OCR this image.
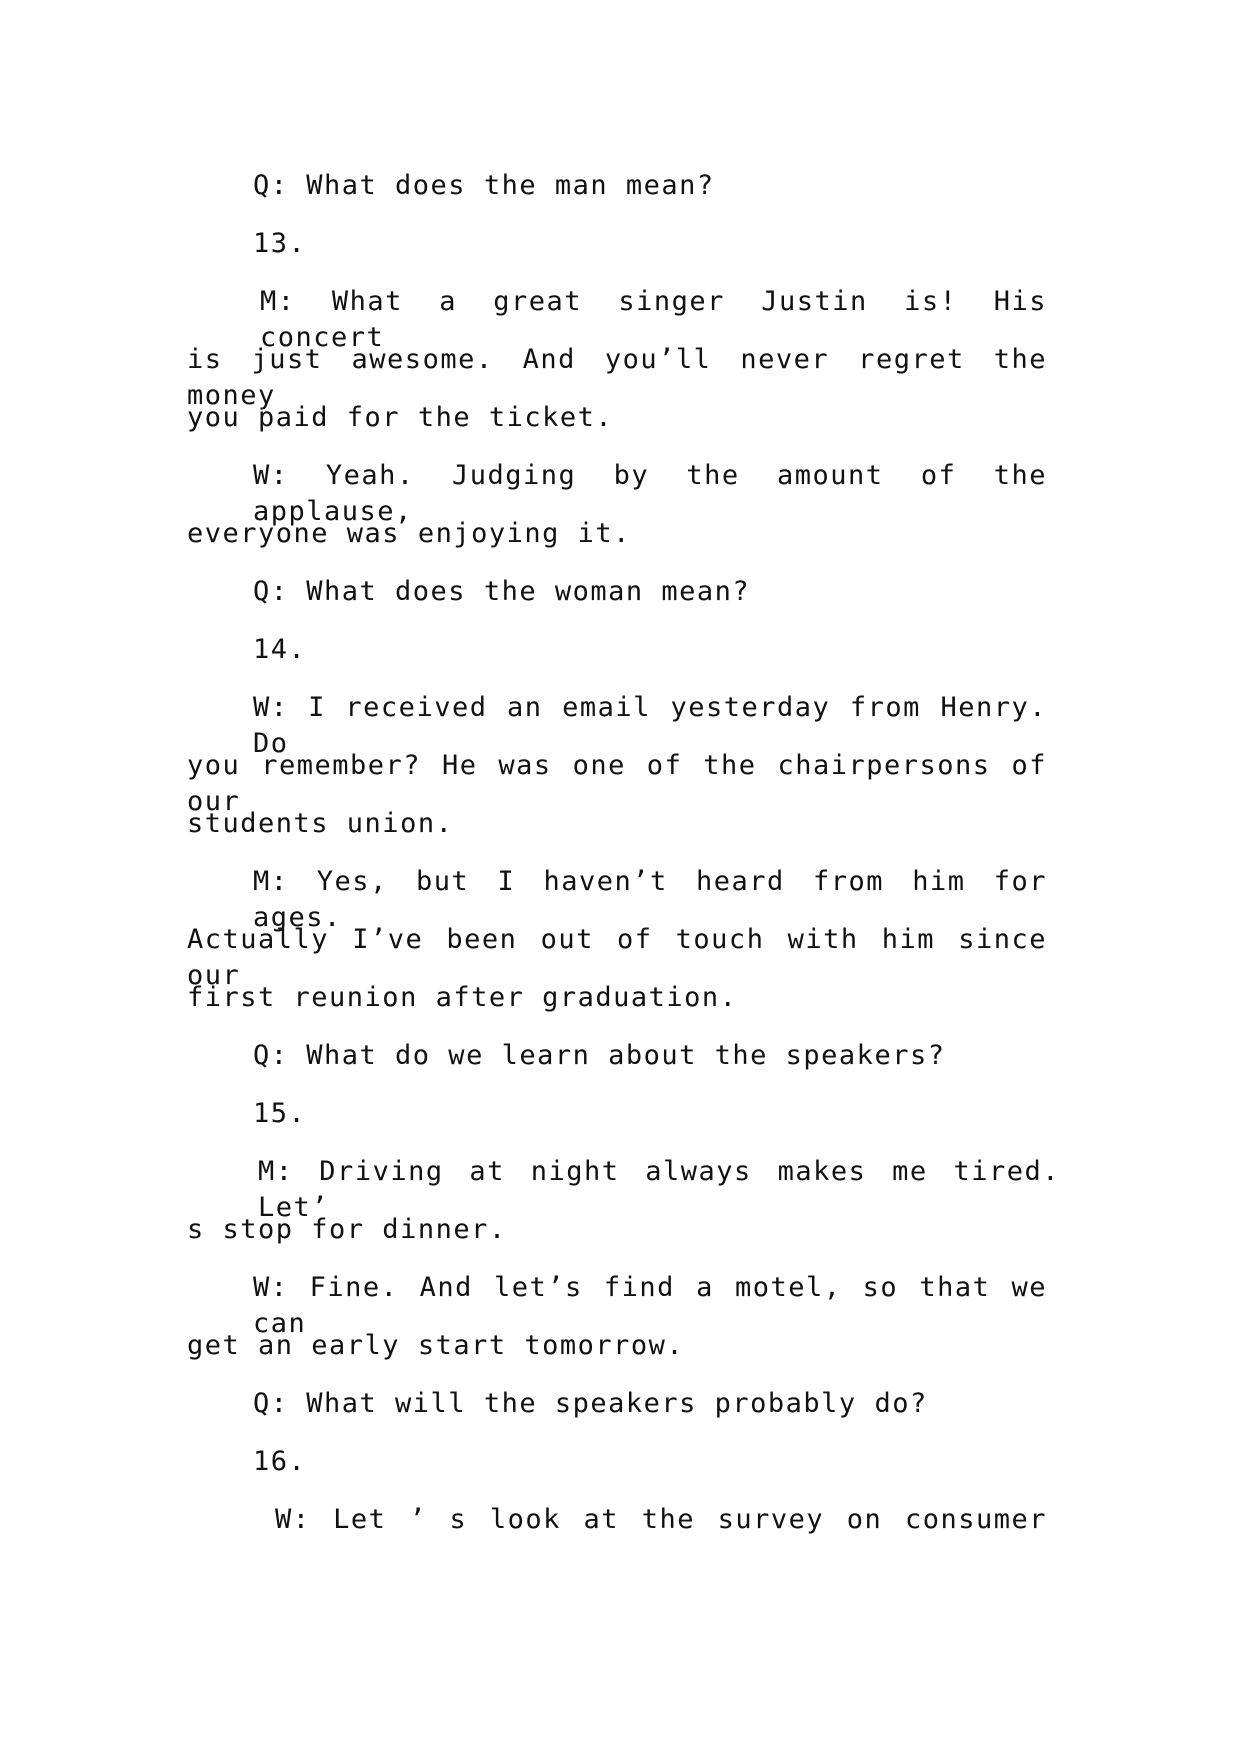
Q: What does the man mean?
13.
M: What a great singer Justin is! His concert
is just awesome. And you’ll never regret the money
you paid for the ticket.
W: Yeah. Judging by the amount of the applause,
everyone was enjoying it.
Q: What does the woman mean?
14.
W: I received an email yesterday from Henry. Do
you remember? He was one of the chairpersons of our
students union.
M: Yes, but I haven’t heard from him for ages.
Actually I’ve been out of touch with him since our
first reunion after graduation.
Q: What do we learn about the speakers?
15.
M: Driving at night always makes me tired. Let’
s stop for dinner.
W: Fine. And let’s find a motel, so that we can
get an early start tomorrow.
Q: What will the speakers probably do?
16.
W: Let ’ s look at the survey on consumer
